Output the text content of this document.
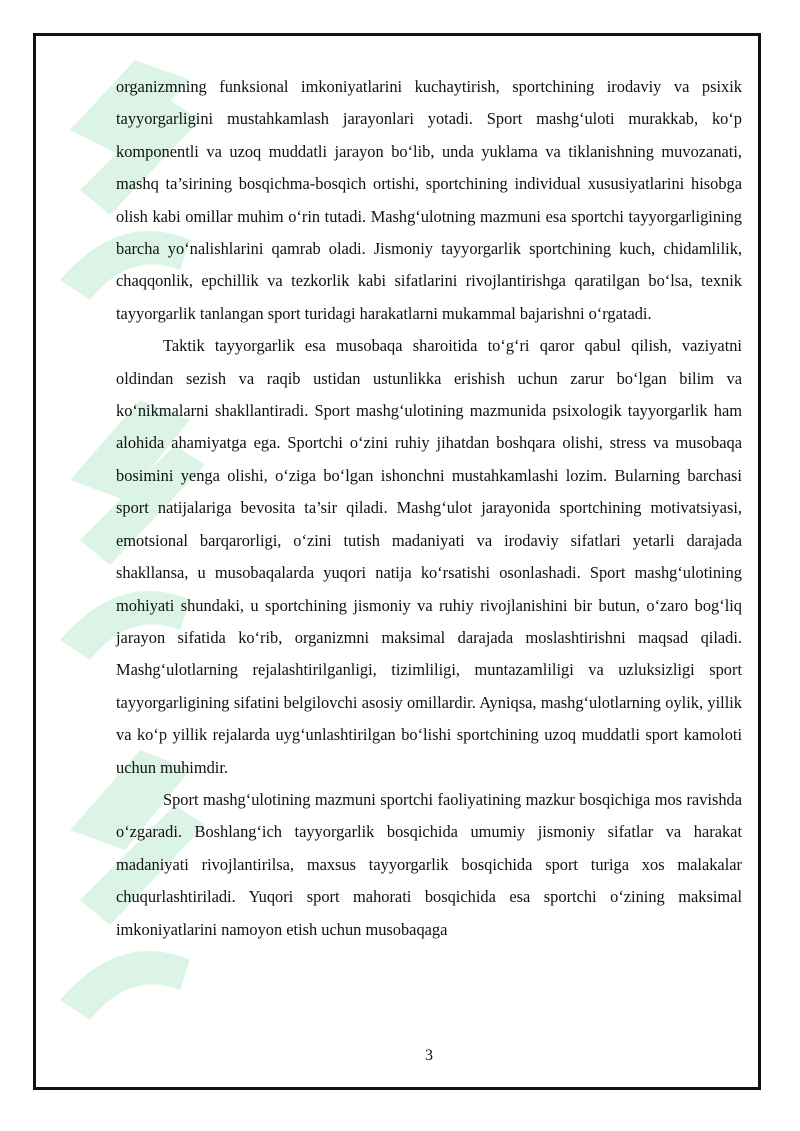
organizmning funksional imkoniyatlarini kuchaytirish, sportchining irodaviy va psixik tayyorgarligini mustahkamlash jarayonlari yotadi. Sport mashg‘uloti murakkab, ko‘p komponentli va uzoq muddatli jarayon bo‘lib, unda yuklama va tiklanishning muvozanati, mashq ta’sirining bosqichma-bosqich ortishi, sportchining individual xususiyatlarini hisobga olish kabi omillar muhim o‘rin tutadi. Mashg‘ulotning mazmuni esa sportchi tayyorgarligining barcha yo‘nalishlarini qamrab oladi. Jismoniy tayyorgarlik sportchining kuch, chidamlilik, chaqqonlik, epchillik va tezkorlik kabi sifatlarini rivojlantirishga qaratilgan bo‘lsa, texnik tayyorgarlik tanlangan sport turidagi harakatlarni mukammal bajarishni o‘rgatadi.

Taktik tayyorgarlik esa musobaqa sharoitida to‘g‘ri qaror qabul qilish, vaziyatni oldindan sezish va raqib ustidan ustunlikka erishish uchun zarur bo‘lgan bilim va ko‘nikmalarni shakllantiradi. Sport mashg‘ulotining mazmunida psixologik tayyorgarlik ham alohida ahamiyatga ega. Sportchi o‘zini ruhiy jihatdan boshqara olishi, stress va musobaqa bosimini yenga olishi, o‘ziga bo‘lgan ishonchni mustahkamlashi lozim. Bularning barchasi sport natijalariga bevosita ta’sir qiladi. Mashg‘ulot jarayonida sportchining motivatsiyasi, emotsional barqarorligi, o‘zini tutish madaniyati va irodaviy sifatlari yetarli darajada shakllansa, u musobaqalarda yuqori natija ko‘rsatishi osonlashadi. Sport mashg‘ulotining mohiyati shundaki, u sportchining jismoniy va ruhiy rivojlanishini bir butun, o‘zaro bog‘liq jarayon sifatida ko‘rib, organizmni maksimal darajada moslashtirishni maqsad qiladi. Mashg‘ulotlarning rejalashtirilganligi, tizimliligi, muntazamliligi va uzluksizligi sport tayyorgarligining sifatini belgilovchi asosiy omillardir. Ayniqsa, mashg‘ulotlarning oylik, yillik va ko‘p yillik rejalarda uyg‘unlashtirilgan bo‘lishi sportchining uzoq muddatli sport kamoloti uchun muhimdir.

Sport mashg‘ulotining mazmuni sportchi faoliyatining mazkur bosqichiga mos ravishda o‘zgaradi. Boshlang‘ich tayyorgarlik bosqichida umumiy jismoniy sifatlar va harakat madaniyati rivojlantirilsa, maxsus tayyorgarlik bosqichida sport turiga xos malakalar chuqurlashtiriladi. Yuqori sport mahorati bosqichida esa sportchi o‘zining maksimal imkoniyatlarini namoyon etish uchun musobaqaga

3
